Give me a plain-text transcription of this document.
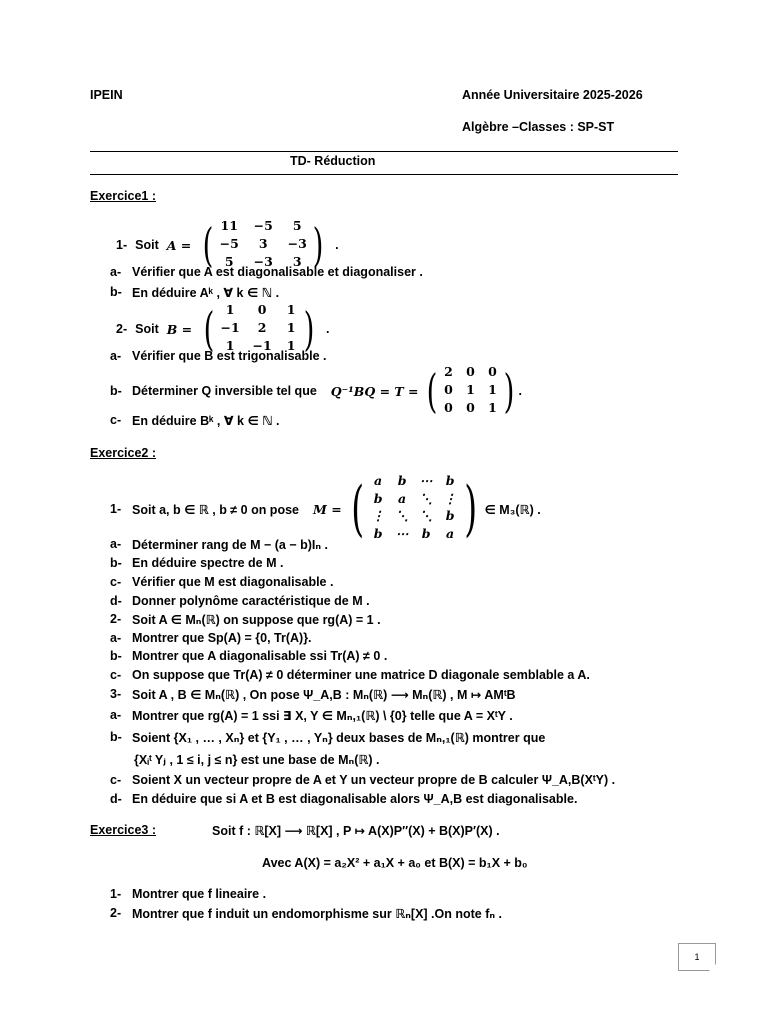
IPEIN	Année Universitaire 2025-2026
Algèbre –Classes : SP-ST
TD- Réduction
Exercice1 :
1- Soit A = ( 11	−5	5
−5	3	−3
5	−3	3 ) .
a- Vérifier que A est diagonalisable et diagonaliser .
b- En déduire Aᵏ , ∀ k ∈ ℕ .
2- Soit B = ( 1	0	1
−1	2	1
1	−1 1 ) .
a- Vérifier que B est trigonalisable .
b- Déterminer Q inversible tel que Q⁻¹BQ = T = ( 2 0 0
0 1 1
0 0 1 ) .
c- En déduire Bᵏ , ∀ k ∈ ℕ .
Exercice2 :
1- Soit a, b ∈ ℝ , b ≠ 0 on pose M = ( a b ⋯ b
b a ⋱ ⋮
⋮ ⋱ ⋱ b
b ⋯ b a ) ∈ M₃(ℝ) .
a- Déterminer rang de M − (a − b)Iₙ .
b- En déduire spectre de M .
c- Vérifier que M est diagonalisable .
d- Donner polynôme caractéristique de M .
2- Soit A ∈ Mₙ(ℝ) on suppose que rg(A) = 1 .
a- Montrer que Sp(A) = {0, Tr(A)}.
b- Montrer que A diagonalisable ssi Tr(A) ≠ 0 .
c- On suppose que Tr(A) ≠ 0 déterminer une matrice D diagonale semblable a A.
3- Soit A , B ∈ Mₙ(ℝ) , On pose Ψ_A,B : Mₙ(ℝ) ⟶ Mₙ(ℝ) , M ↦ AMᵗB
a- Montrer que rg(A) = 1 ssi ∃ X, Y ∈ Mₙ,₁(ℝ) \ {0} telle que A = XᵗY .
b- Soient {X₁ , … , Xₙ} et {Y₁ , … , Yₙ} deux bases de Mₙ,₁(ℝ) montrer que
{Xᵢᵗ Yⱼ , 1 ≤ i, j ≤ n} est une base de Mₙ(ℝ) .
c- Soient X un vecteur propre de A et Y un vecteur propre de B calculer Ψ_A,B(XᵗY) .
d- En déduire que si A et B est diagonalisable alors Ψ_A,B est diagonalisable.
Exercice3 :	Soit f : ℝ[X] ⟶ ℝ[X] , P ↦ A(X)P′′(X) + B(X)P′(X) .
Avec A(X) = a₂X² + a₁X + a₀ et B(X) = b₁X + b₀
1- Montrer que f lineaire .
2- Montrer que f induit un endomorphisme sur ℝₙ[X] .On note fₙ .
1
